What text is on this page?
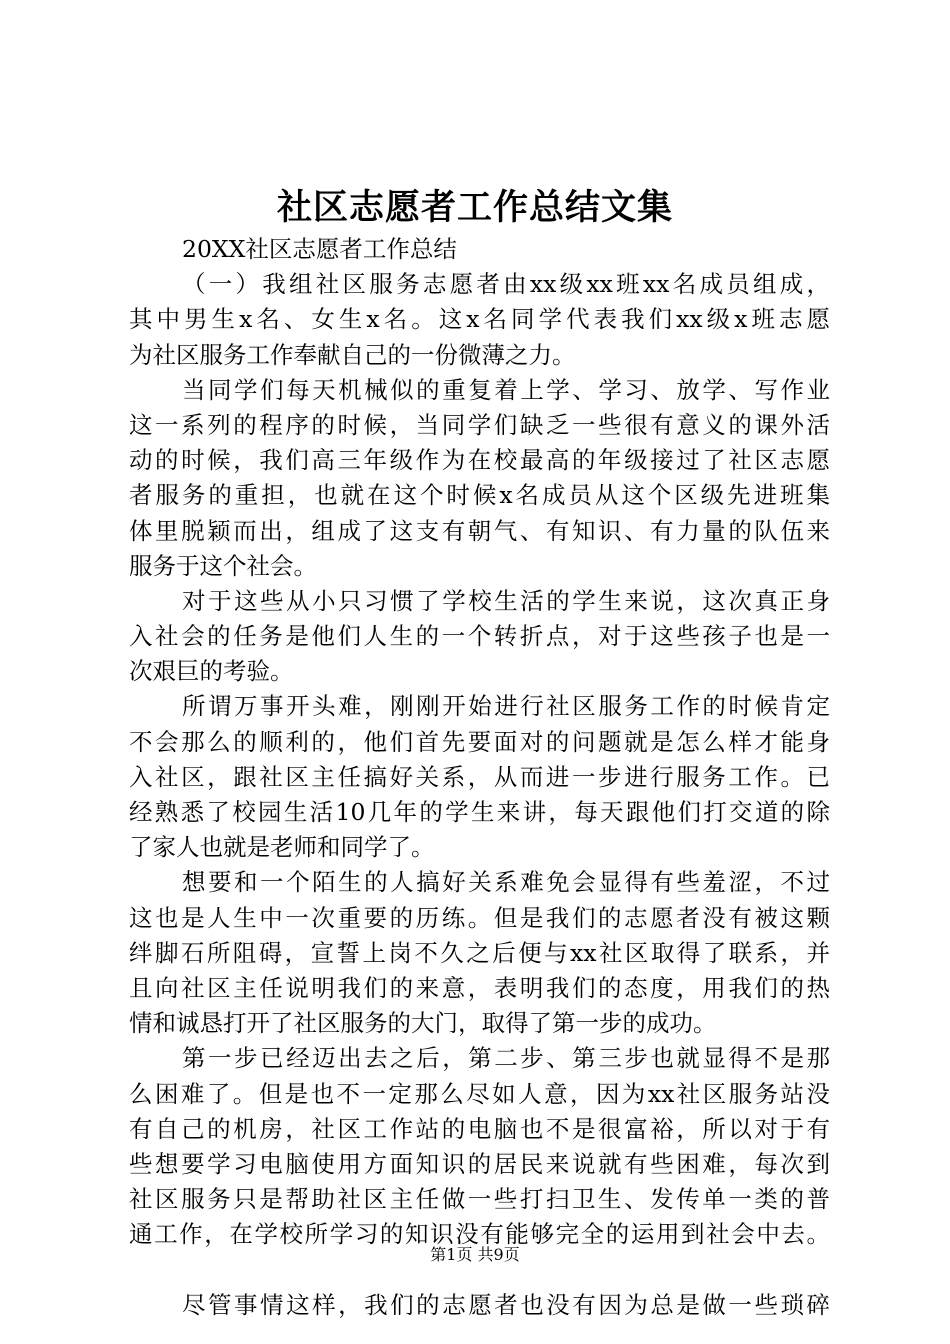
社区志愿者工作总结文集
20XX社区志愿者工作总结
（一）我组社区服务志愿者由xx级xx班xx名成员组成，
其中男生x名、女生x名。这x名同学代表我们xx级x班志愿
为社区服务工作奉献自己的一份微薄之力。
当同学们每天机械似的重复着上学、学习、放学、写作业
这一系列的程序的时候，当同学们缺乏一些很有意义的课外活
动的时候，我们高三年级作为在校最高的年级接过了社区志愿
者服务的重担，也就在这个时候x名成员从这个区级先进班集
体里脱颖而出，组成了这支有朝气、有知识、有力量的队伍来
服务于这个社会。
对于这些从小只习惯了学校生活的学生来说，这次真正身
入社会的任务是他们人生的一个转折点，对于这些孩子也是一
次艰巨的考验。
所谓万事开头难，刚刚开始进行社区服务工作的时候肯定
不会那么的顺利的，他们首先要面对的问题就是怎么样才能身
入社区，跟社区主任搞好关系，从而进一步进行服务工作。已
经熟悉了校园生活10几年的学生来讲，每天跟他们打交道的除
了家人也就是老师和同学了。
想要和一个陌生的人搞好关系难免会显得有些羞涩，不过
这也是人生中一次重要的历练。但是我们的志愿者没有被这颗
绊脚石所阻碍，宣誓上岗不久之后便与xx社区取得了联系，并
且向社区主任说明我们的来意，表明我们的态度，用我们的热
情和诚恳打开了社区服务的大门，取得了第一步的成功。
第一步已经迈出去之后，第二步、第三步也就显得不是那
么困难了。但是也不一定那么尽如人意，因为xx社区服务站没
有自己的机房，社区工作站的电脑也不是很富裕，所以对于有
些想要学习电脑使用方面知识的居民来说就有些困难，每次到
社区服务只是帮助社区主任做一些打扫卫生、发传单一类的普
通工作，在学校所学习的知识没有能够完全的运用到社会中去。
尽管事情这样，我们的志愿者也没有因为总是做一些琐碎
第1页 共9页
